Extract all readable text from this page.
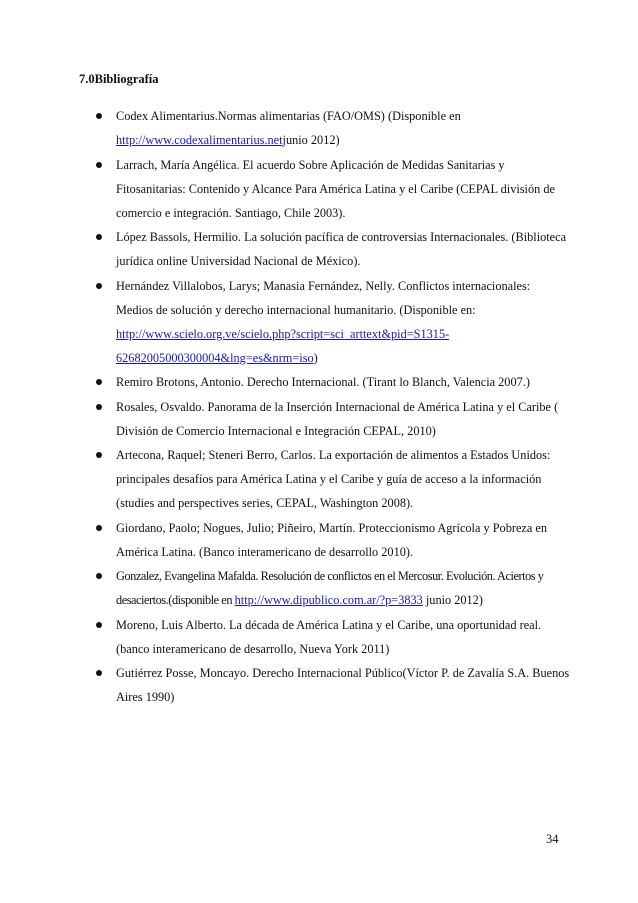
7.0Bibliografía
Codex Alimentarius.Normas alimentarias (FAO/OMS) (Disponible en http://www.codexalimentarius.netjunio 2012)
Larrach, María Angélica. El acuerdo Sobre Aplicación de Medidas Sanitarias y Fitosanitarias: Contenido y Alcance Para América Latina y el Caribe (CEPAL división de comercio e integración. Santiago, Chile 2003).
López Bassols, Hermilio. La solución pacífica de controversias Internacionales. (Biblioteca jurídica online Universidad Nacional de México).
Hernández Villalobos, Larys; Manasia Fernández, Nelly. Conflictos internacionales: Medios de solución y derecho internacional humanitario. (Disponible en: http://www.scielo.org.ve/scielo.php?script=sci_arttext&pid=S1315-62682005000300004&lng=es&nrm=iso)
Remiro Brotons, Antonio. Derecho Internacional. (Tirant lo Blanch, Valencia 2007.)
Rosales, Osvaldo. Panorama de la Inserción Internacional de América Latina y el Caribe ( División de Comercio Internacional e Integración CEPAL, 2010)
Artecona, Raquel; Steneri Berro, Carlos. La exportación de alimentos a Estados Unidos: principales desafíos para América Latina y el Caribe y guía de acceso a la información (studies and perspectives series, CEPAL, Washington 2008).
Giordano, Paolo; Nogues, Julio; Piñeiro, Martín. Proteccionismo Agrícola y Pobreza en América Latina. (Banco interamericano de desarrollo 2010).
Gonzalez, Evangelina Mafalda. Resolución de conflictos en el Mercosur. Evolución. Aciertos y desaciertos.(disponible en http://www.dipublico.com.ar/?p=3833 junio 2012)
Moreno, Luis Alberto. La década de América Latina y el Caribe, una oportunidad real. (banco interamericano de desarrollo, Nueva York 2011)
Gutiérrez Posse, Moncayo. Derecho Internacional Público(Víctor P. de Zavalía S.A. Buenos Aires 1990)
34
